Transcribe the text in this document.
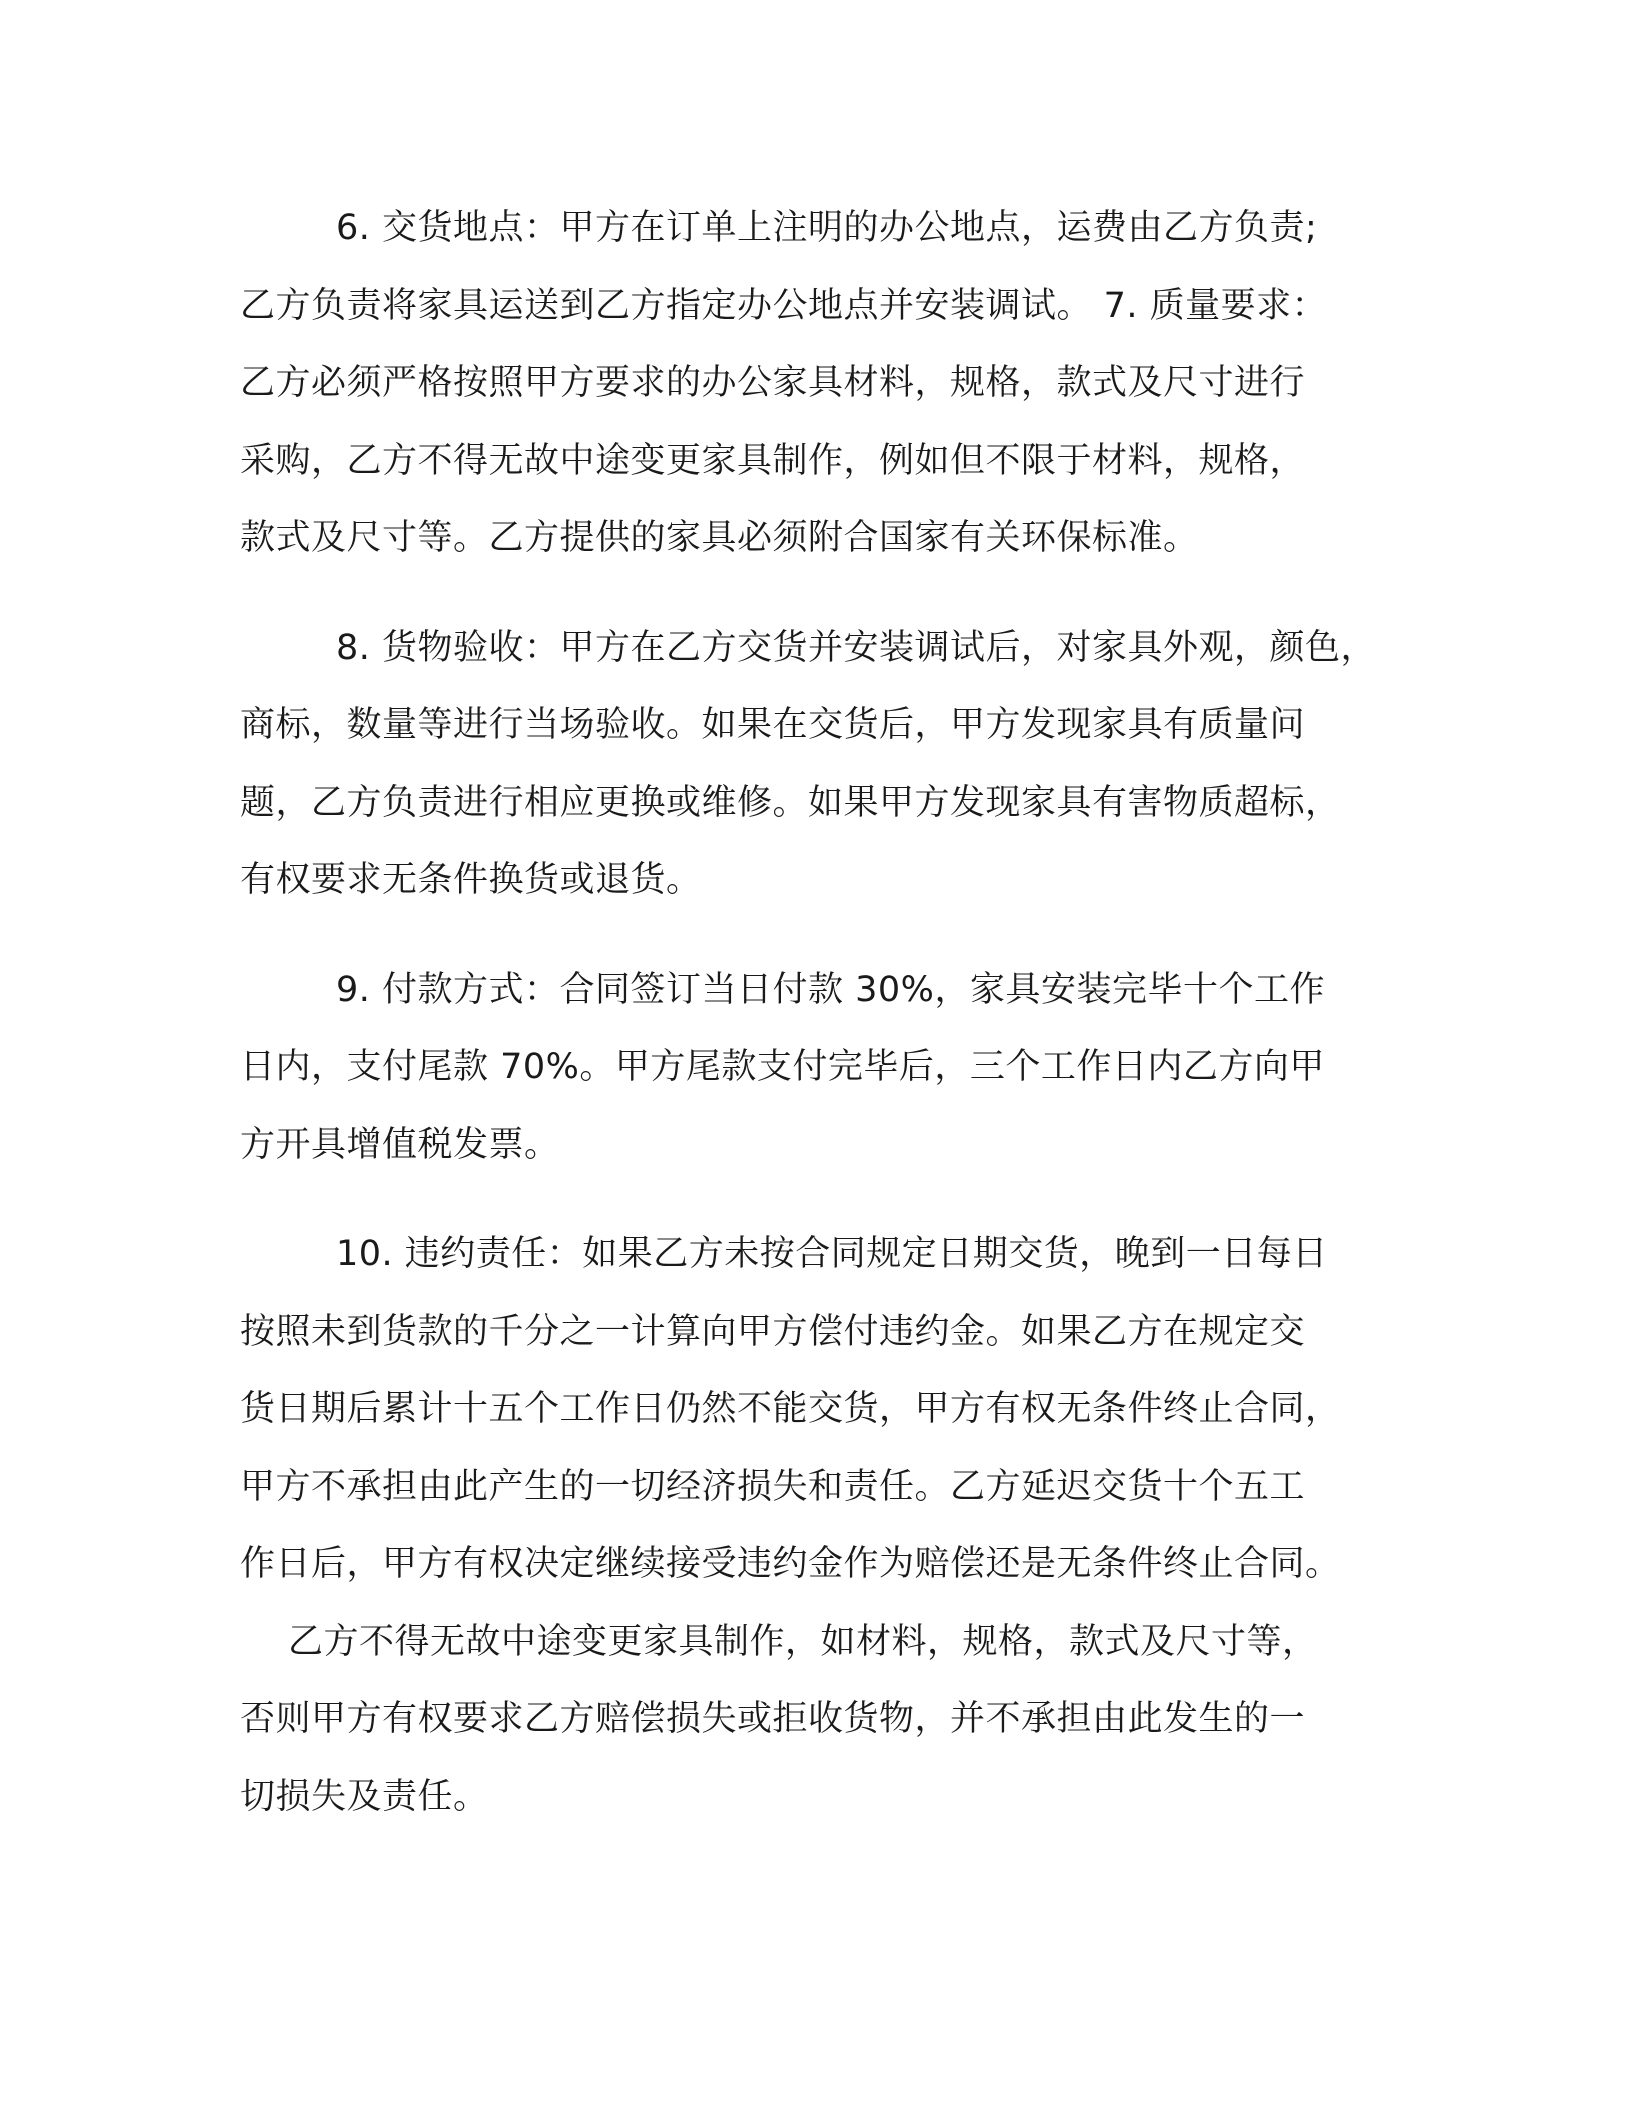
6. 交货地点：甲方在订单上注明的办公地点，运费由乙方负责;
乙方负责将家具运送到乙方指定办公地点并安装调试。 7. 质量要求：
乙方必须严格按照甲方要求的办公家具材料，规格，款式及尺寸进行
采购，乙方不得无故中途变更家具制作，例如但不限于材料，规格，
款式及尺寸等。乙方提供的家具必须附合国家有关环保标准。

8. 货物验收：甲方在乙方交货并安装调试后，对家具外观，颜色，
商标，数量等进行当场验收。如果在交货后，甲方发现家具有质量问
题，乙方负责进行相应更换或维修。如果甲方发现家具有害物质超标，
有权要求无条件换货或退货。

9. 付款方式：合同签订当日付款 30%，家具安装完毕十个工作
日内，支付尾款 70%。甲方尾款支付完毕后，三个工作日内乙方向甲
方开具增值税发票。

10. 违约责任：如果乙方未按合同规定日期交货，晚到一日每日
按照未到货款的千分之一计算向甲方偿付违约金。如果乙方在规定交
货日期后累计十五个工作日仍然不能交货，甲方有权无条件终止合同，
甲方不承担由此产生的一切经济损失和责任。乙方延迟交货十个五工
作日后，甲方有权决定继续接受违约金作为赔偿还是无条件终止合同。

乙方不得无故中途变更家具制作，如材料，规格，款式及尺寸等，
否则甲方有权要求乙方赔偿损失或拒收货物，并不承担由此发生的一
切损失及责任。
